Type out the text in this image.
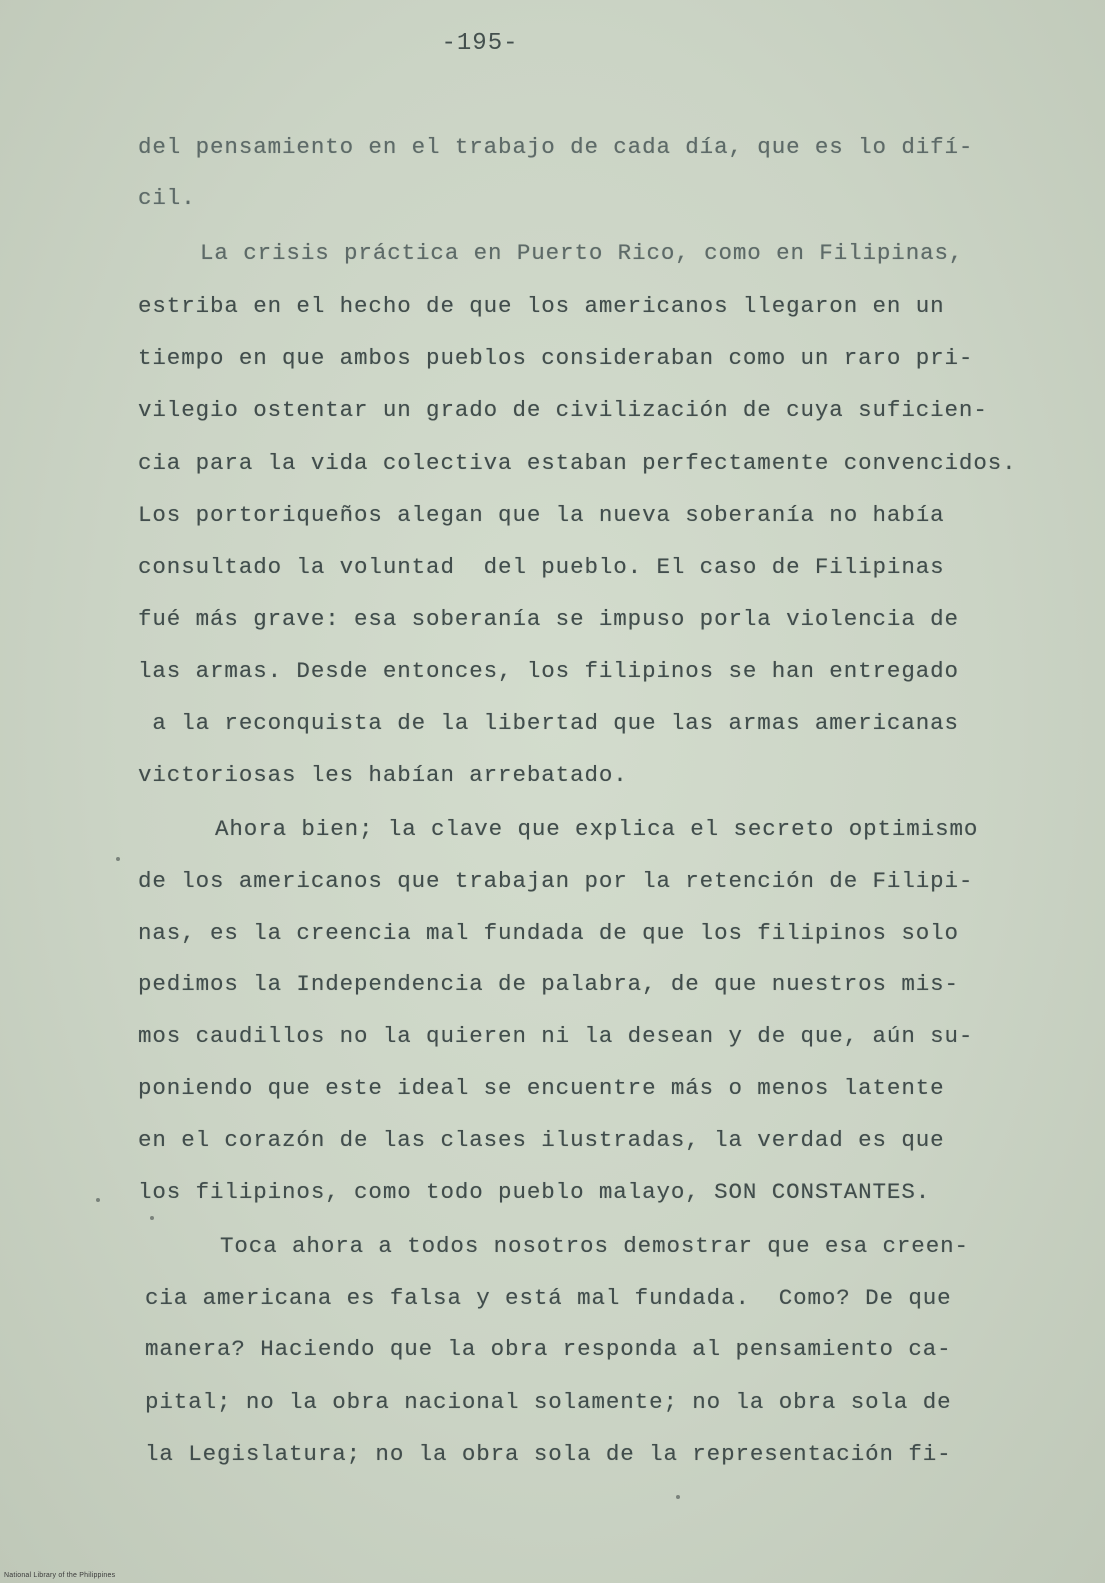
-195-
del pensamiento en el trabajo de cada día, que es lo difí-
cil.
La crisis práctica en Puerto Rico, como en Filipinas,
estriba en el hecho de que los americanos llegaron en un
tiempo en que ambos pueblos consideraban como un raro pri-
vilegio ostentar un grado de civilización de cuya suficien-
cia para la vida colectiva estaban perfectamente convencidos.
Los portoriqueños alegan que la nueva soberanía no había
consultado la voluntad  del pueblo. El caso de Filipinas
fué más grave: esa soberanía se impuso porla violencia de
las armas. Desde entonces, los filipinos se han entregado
a la reconquista de la libertad que las armas americanas
victoriosas les habían arrebatado.
Ahora bien; la clave que explica el secreto optimismo
de los americanos que trabajan por la retención de Filipi-
nas, es la creencia mal fundada de que los filipinos solo
pedimos la Independencia de palabra, de que nuestros mis-
mos caudillos no la quieren ni la desean y de que, aún su-
poniendo que este ideal se encuentre más o menos latente
en el corazón de las clases ilustradas, la verdad es que
los filipinos, como todo pueblo malayo, SON CONSTANTES.
Toca ahora a todos nosotros demostrar que esa creen-
cia americana es falsa y está mal fundada.  Como? De que
manera? Haciendo que la obra responda al pensamiento ca-
pital; no la obra nacional solamente; no la obra sola de
la Legislatura; no la obra sola de la representación fi-
National Library of the Philippines
